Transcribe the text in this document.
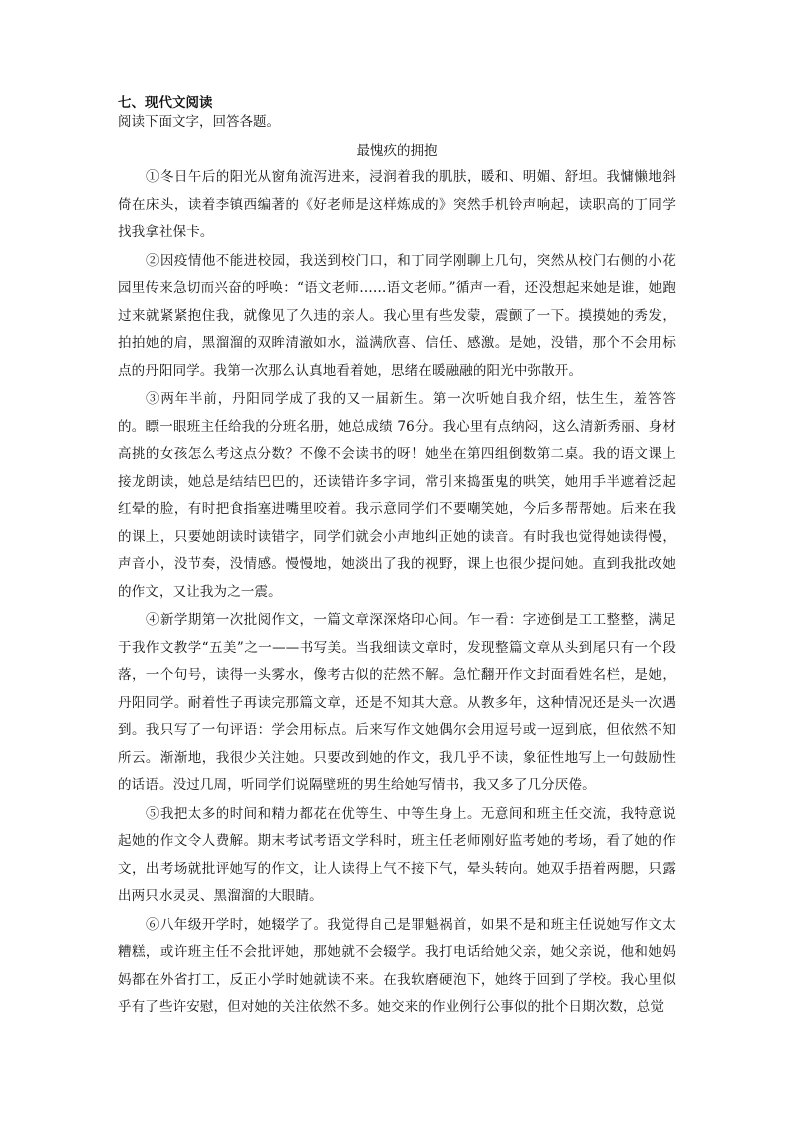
七、现代文阅读

阅读下面文字，回答各题。

最愧疚的拥抱

①冬日午后的阳光从窗角流泻进来，浸润着我的肌肤，暖和、明媚、舒坦。我慵懒地斜倚在床头，读着李镇西编著的《好老师是这样炼成的》突然手机铃声响起，读职高的丁同学找我拿社保卡。

②因疫情他不能进校园，我送到校门口，和丁同学刚聊上几句，突然从校门右侧的小花园里传来急切而兴奋的呼唤：“语文老师……语文老师。”循声一看，还没想起来她是谁，她跑过来就紧紧抱住我，就像见了久违的亲人。我心里有些发蒙，震颤了一下。摸摸她的秀发，拍拍她的肩，黑溜溜的双眸清澈如水，溢满欣喜、信任、感激。是她，没错，那个不会用标点的丹阳同学。我第一次那么认真地看着她，思绪在暖融融的阳光中弥散开。

③两年半前，丹阳同学成了我的又一届新生。第一次听她自我介绍，怯生生，羞答答的。瞟一眼班主任给我的分班名册，她总成绩 76分。我心里有点纳闷，这么清新秀丽、身材高挑的女孩怎么考这点分数？不像不会读书的呀！她坐在第四组倒数第二桌。我的语文课上接龙朗读，她总是结结巴巴的，还读错许多字词，常引来捣蛋鬼的哄笑，她用手半遮着泛起红晕的脸，有时把食指塞进嘴里咬着。我示意同学们不要嘲笑她，今后多帮帮她。后来在我的课上，只要她朗读时读错字，同学们就会小声地纠正她的读音。有时我也觉得她读得慢，声音小，没节奏，没情感。慢慢地，她淡出了我的视野，课上也很少提问她。直到我批改她的作文，又让我为之一震。

④新学期第一次批阅作文，一篇文章深深烙印心间。乍一看：字迹倒是工工整整，满足于我作文教学“五美”之一——书写美。当我细读文章时，发现整篇文章从头到尾只有一个段落，一个句号，读得一头雾水，像考古似的茫然不解。急忙翻开作文封面看姓名栏，是她，丹阳同学。耐着性子再读完那篇文章，还是不知其大意。从教多年，这种情况还是头一次遇到。我只写了一句评语：学会用标点。后来写作文她偶尔会用逗号或一逗到底，但依然不知所云。渐渐地，我很少关注她。只要改到她的作文，我几乎不读，象征性地写上一句鼓励性的话语。没过几周，听同学们说隔壁班的男生给她写情书，我又多了几分厌倦。

⑤我把太多的时间和精力都花在优等生、中等生身上。无意间和班主任交流，我特意说起她的作文令人费解。期末考试考语文学科时，班主任老师刚好监考她的考场，看了她的作文，出考场就批评她写的作文，让人读得上气不接下气，晕头转向。她双手捂着两腮，只露出两只水灵灵、黑溜溜的大眼睛。

⑥八年级开学时，她辍学了。我觉得自己是罪魁祸首，如果不是和班主任说她写作文太糟糕，或许班主任不会批评她，那她就不会辍学。我打电话给她父亲，她父亲说，他和她妈妈都在外省打工，反正小学时她就读不来。在我软磨硬泡下，她终于回到了学校。我心里似乎有了些许安慰，但对她的关注依然不多。她交来的作业例行公事似的批个日期次数，总觉
